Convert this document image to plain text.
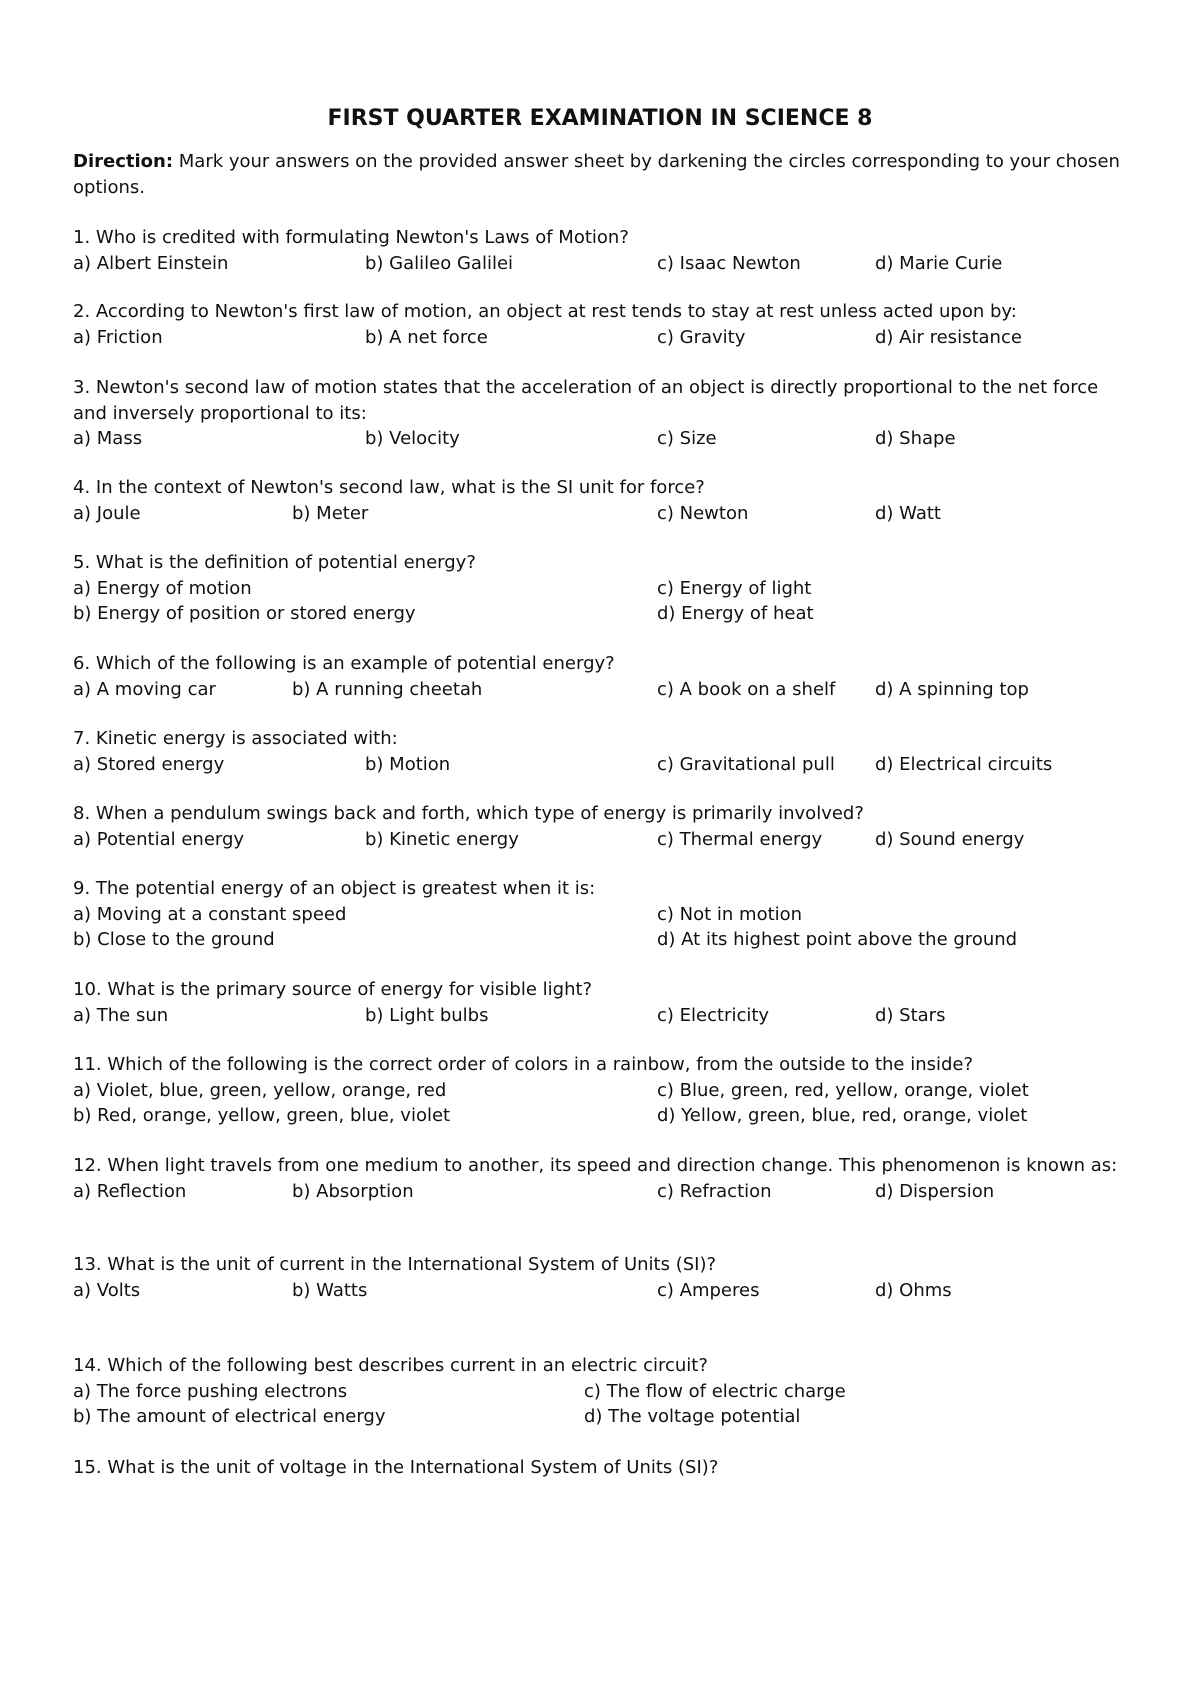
FIRST QUARTER EXAMINATION IN SCIENCE 8
Direction: Mark your answers on the provided answer sheet by darkening the circles corresponding to your chosen
options.
1. Who is credited with formulating Newton's Laws of Motion?
a) Albert Einstein	b) Galileo Galilei	c) Isaac Newton	d) Marie Curie
2. According to Newton's first law of motion, an object at rest tends to stay at rest unless acted upon by:
a) Friction	b) A net force	c) Gravity	d) Air resistance
3. Newton's second law of motion states that the acceleration of an object is directly proportional to the net force
and inversely proportional to its:
a) Mass	b) Velocity	c) Size	d) Shape
4. In the context of Newton's second law, what is the SI unit for force?
a) Joule	b) Meter	c) Newton	d) Watt
5. What is the definition of potential energy?
a) Energy of motion	c) Energy of light
b) Energy of position or stored energy	d) Energy of heat
6. Which of the following is an example of potential energy?
a) A moving car	b) A running cheetah	c) A book on a shelf d) A spinning top
7. Kinetic energy is associated with:
a) Stored energy	b) Motion	c) Gravitational pull d) Electrical circuits
8. When a pendulum swings back and forth, which type of energy is primarily involved?
a) Potential energy	b) Kinetic energy	c) Thermal energy	d) Sound energy
9. The potential energy of an object is greatest when it is:
a) Moving at a constant speed	c) Not in motion
b) Close to the ground	d) At its highest point above the ground
10. What is the primary source of energy for visible light?
a) The sun	b) Light bulbs	c) Electricity	d) Stars
11. Which of the following is the correct order of colors in a rainbow, from the outside to the inside?
a) Violet, blue, green, yellow, orange, red	c) Blue, green, red, yellow, orange, violet
b) Red, orange, yellow, green, blue, violet	d) Yellow, green, blue, red, orange, violet
12. When light travels from one medium to another, its speed and direction change. This phenomenon is known as:
a) Reflection	b) Absorption	c) Refraction	d) Dispersion
13. What is the unit of current in the International System of Units (SI)?
a) Volts	b) Watts	c) Amperes	d) Ohms
14. Which of the following best describes current in an electric circuit?
a) The force pushing electrons	c) The flow of electric charge
b) The amount of electrical energy	d) The voltage potential
15. What is the unit of voltage in the International System of Units (SI)?
